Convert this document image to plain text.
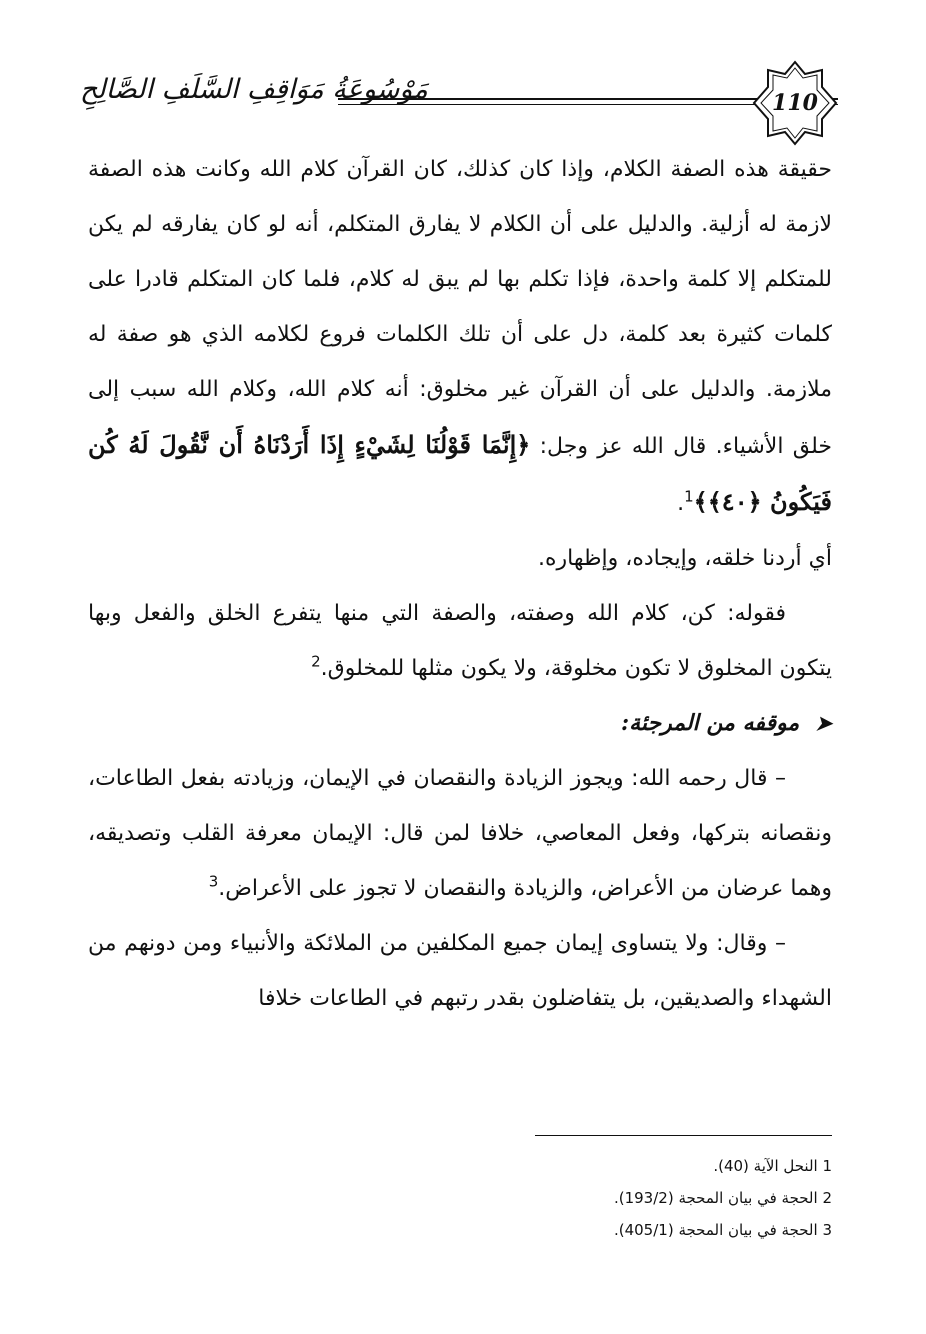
مَوْسُوعَةُ مَوَاقِفِ السَّلَفِ الصَّالِحِ	110

حقيقة هذه الصفة الكلام، وإذا كان كذلك، كان القرآن كلام الله وكانت هذه الصفة لازمة له أزلية. والدليل على أن الكلام لا يفارق المتكلم، أنه لو كان يفارقه لم يكن للمتكلم إلا كلمة واحدة، فإذا تكلم بها لم يبق له كلام، فلما كان المتكلم قادرا على كلمات كثيرة بعد كلمة، دل على أن تلك الكلمات فروع لكلامه الذي هو صفة له ملازمة. والدليل على أن القرآن غير مخلوق: أنه كلام الله، وكلام الله سبب إلى خلق الأشياء. قال الله عز وجل: ﴿إِنَّمَا قَوْلُنَا لِشَيْءٍ إِذَا أَرَدْنَاهُ أَن نَّقُولَ لَهُ كُن فَيَكُونُ ﴿٤٠﴾﴾$^1$.

أي أردنا خلقه، وإيجاده، وإظهاره.

فقوله: كن، كلام الله وصفته، والصفة التي منها يتفرع الخلق والفعل وبها يتكون المخلوق لا تكون مخلوقة، ولا يكون مثلها للمخلوق.$^2$

➤موقفه من المرجئة:

– قال رحمه الله: ويجوز الزيادة والنقصان في الإيمان، وزيادته بفعل الطاعات، ونقصانه بتركها، وفعل المعاصي، خلافا لمن قال: الإيمان معرفة القلب وتصديقه، وهما عرضان من الأعراض، والزيادة والنقصان لا تجوز على الأعراض.$^3$

– وقال: ولا يتساوى إيمان جميع المكلفين من الملائكة والأنبياء ومن دونهم من الشهداء والصديقين، بل يتفاضلون بقدر رتبهم في الطاعات خلافا

1 النحل الآية (40).
2 الحجة في بيان المحجة (193/2).
3 الحجة في بيان المحجة (405/1).
